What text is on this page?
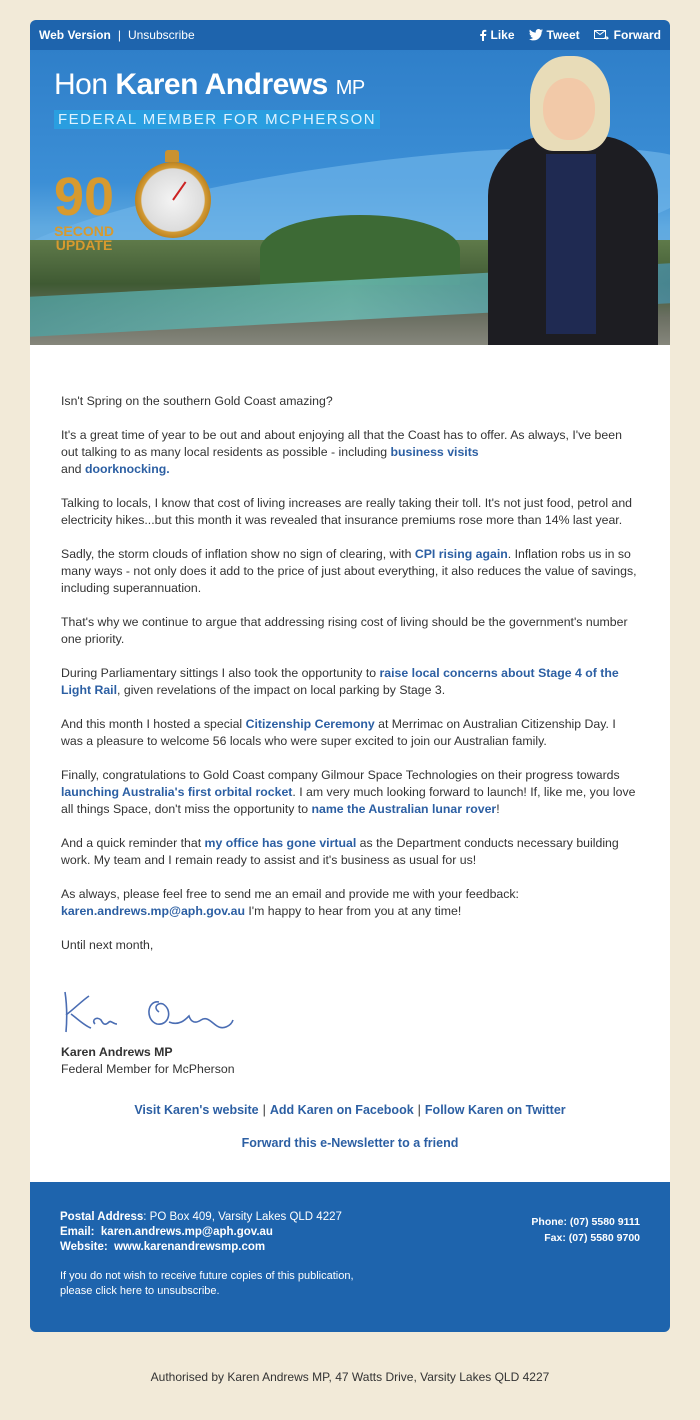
Web Version | Unsubscribe	Like	Tweet	Forward
Hon Karen Andrews MP
FEDERAL MEMBER FOR MCPHERSON
90
SECOND
UPDATE

Isn't Spring on the southern Gold Coast amazing?

It's a great time of year to be out and about enjoying all that the Coast has to offer. As always, I've been out talking to as many local residents as possible - including business visits
and doorknocking.

Talking to locals, I know that cost of living increases are really taking their toll. It's not just food, petrol and electricity hikes...but this month it was revealed that insurance premiums rose more than 14% last year.

Sadly, the storm clouds of inflation show no sign of clearing, with CPI rising again. Inflation robs us in so many ways - not only does it add to the price of just about everything, it also reduces the value of savings, including superannuation.

That's why we continue to argue that addressing rising cost of living should be the government's number one priority.

During Parliamentary sittings I also took the opportunity to raise local concerns about Stage 4 of the Light Rail, given revelations of the impact on local parking by Stage 3.

And this month I hosted a special Citizenship Ceremony at Merrimac on Australian Citizenship Day. I was a pleasure to welcome 56 locals who were super excited to join our Australian family.

Finally, congratulations to Gold Coast company Gilmour Space Technologies on their progress towards launching Australia's first orbital rocket. I am very much looking forward to launch! If, like me, you love all things Space, don't miss the opportunity to name the Australian lunar rover!

And a quick reminder that my office has gone virtual as the Department conducts necessary building work. My team and I remain ready to assist and it's business as usual for us!

As always, please feel free to send me an email and provide me with your feedback:
karen.andrews.mp@aph.gov.au I'm happy to hear from you at any time!

Until next month,

Karen Andrews MP
Federal Member for McPherson
Visit Karen's website | Add Karen on Facebook | Follow Karen on Twitter
Forward this e-Newsletter to a friend
Postal Address: PO Box 409, Varsity Lakes QLD 4227
Email: karen.andrews.mp@aph.gov.au
Website: www.karenandrewsmp.com
If you do not wish to receive future copies of this publication,
please click here to unsubscribe.
Phone: (07) 5580 9111
Fax: (07) 5580 9700
Authorised by Karen Andrews MP, 47 Watts Drive, Varsity Lakes QLD 4227
